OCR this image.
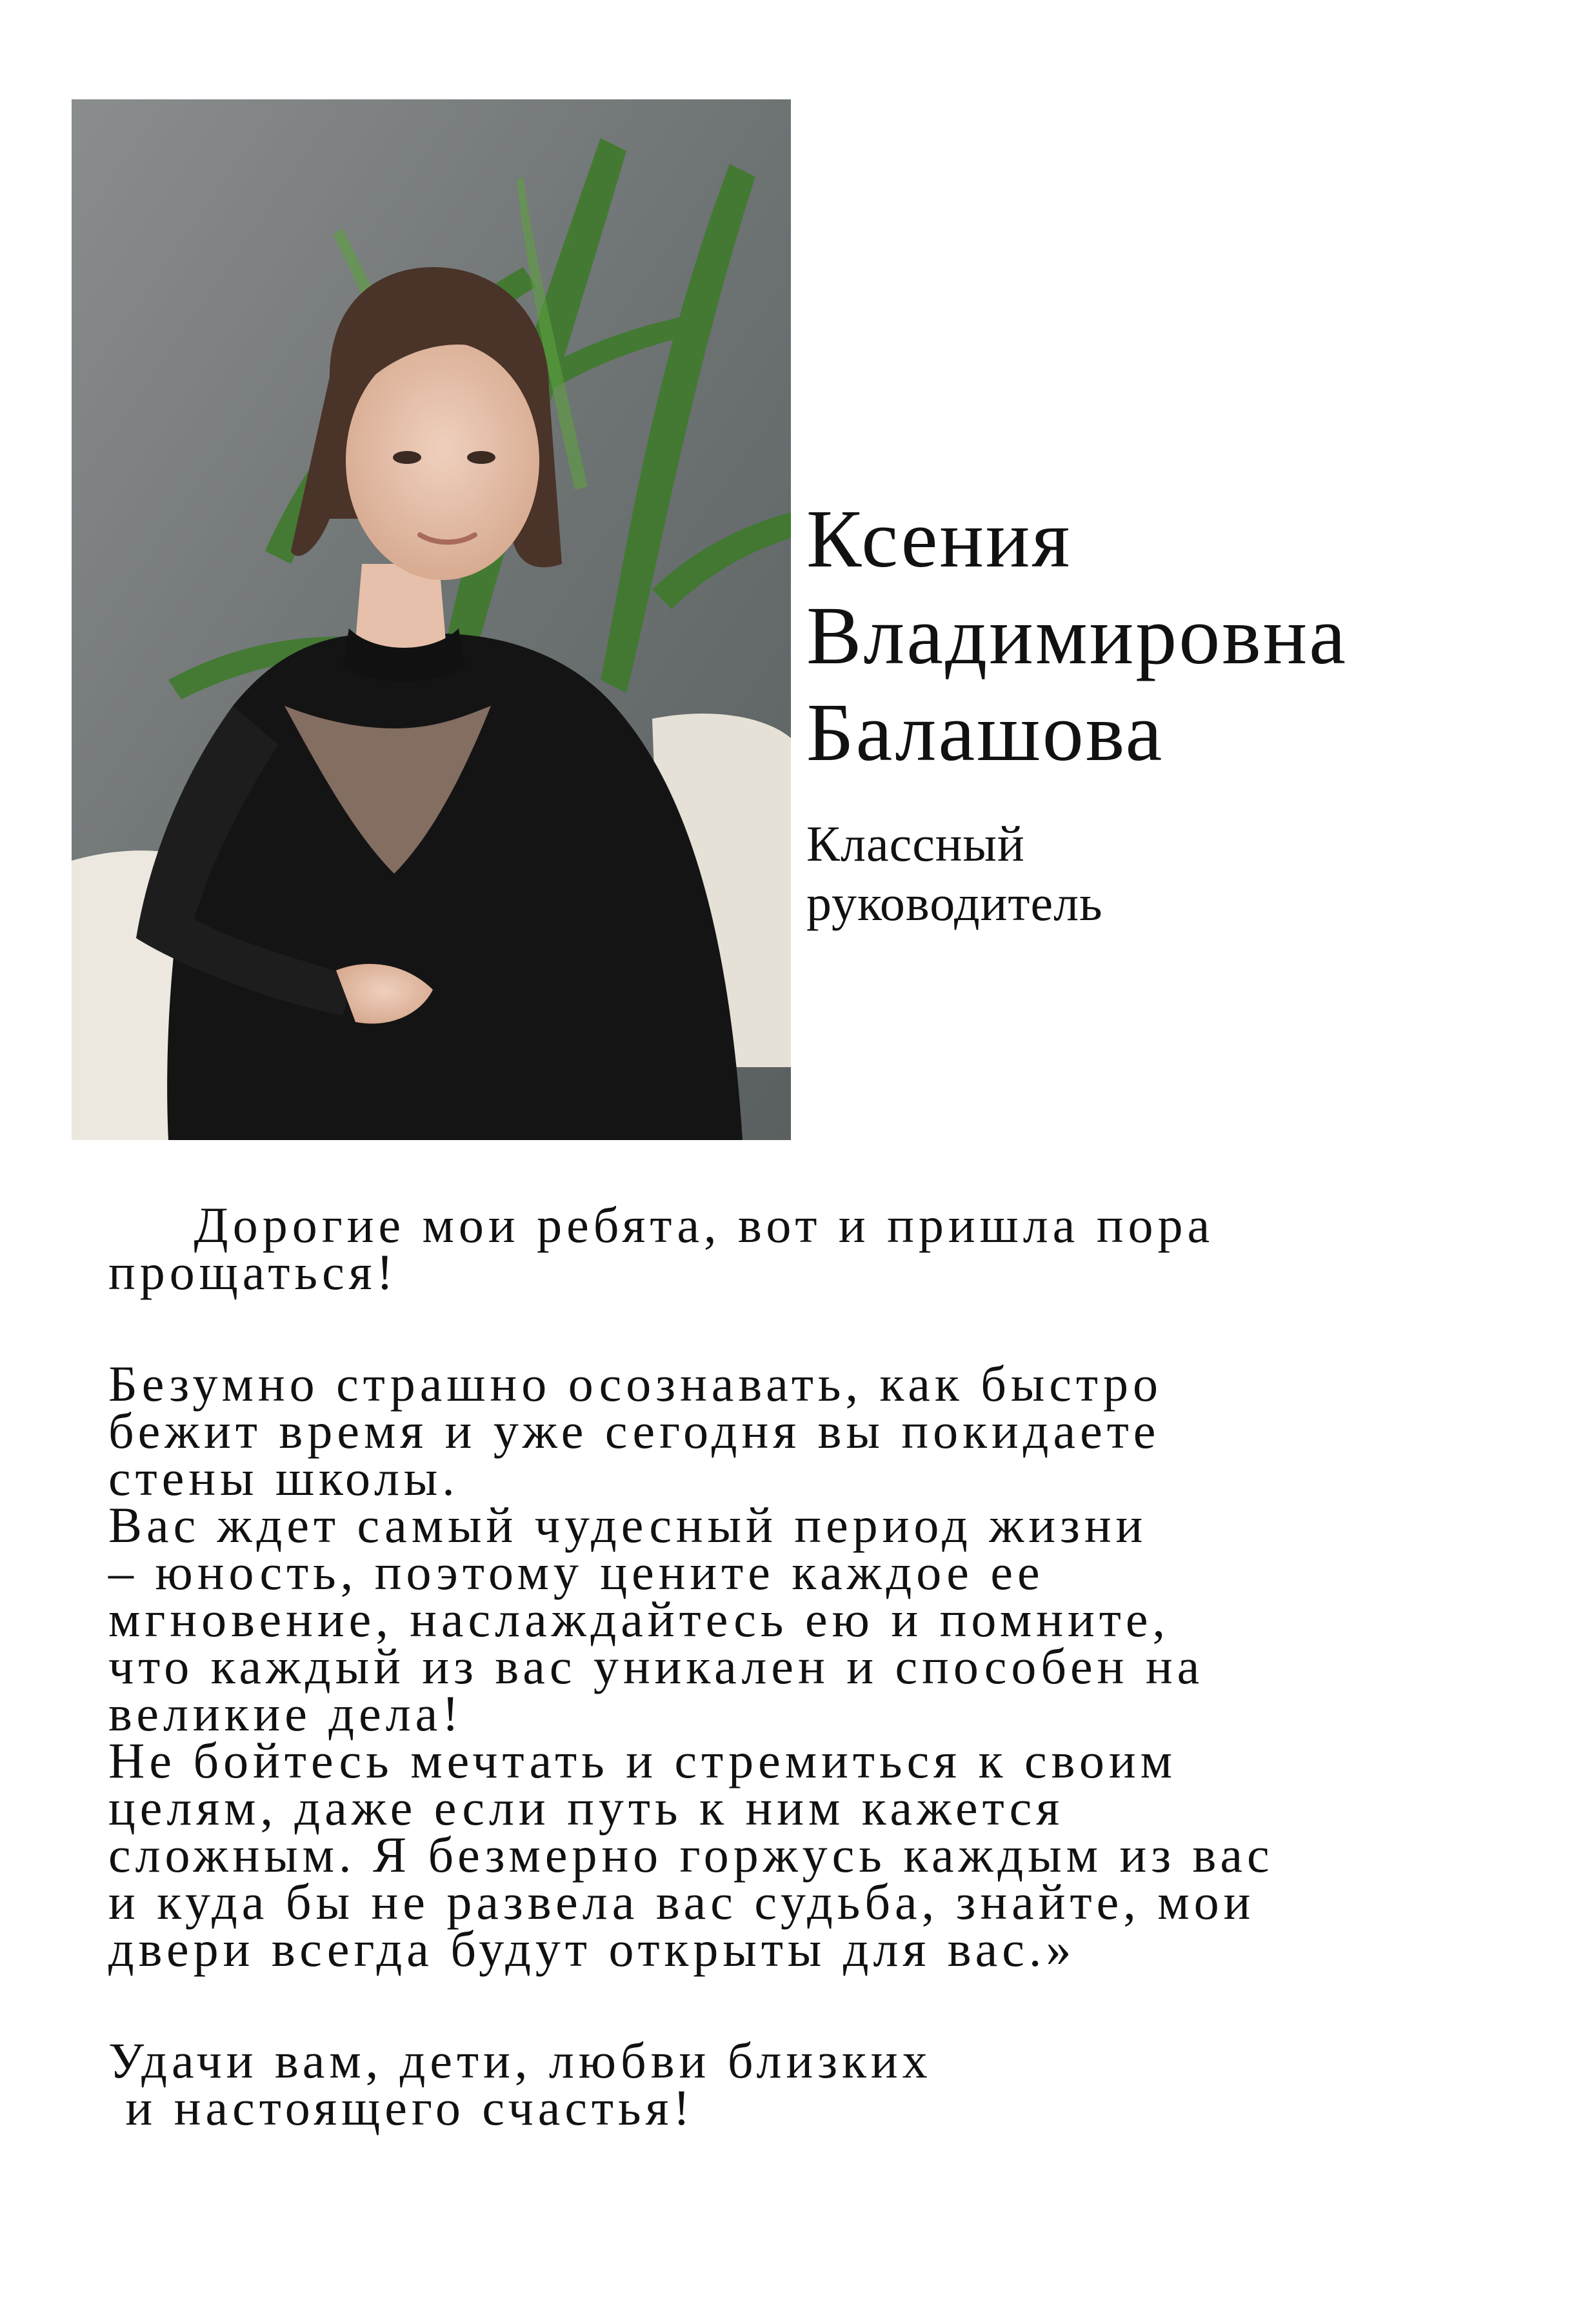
Ксения
Владимировна
Балашова
Классный
руководитель
Дорогие мои ребята, вот и пришла пора
прощаться!
Безумно страшно осознавать, как быстро
бежит время и уже сегодня вы покидаете
стены школы.
Вас ждет самый чудесный период жизни
– юность, поэтому цените каждое ее
мгновение, наслаждайтесь ею и помните,
что каждый из вас уникален и способен на
великие дела!
Не бойтесь мечтать и стремиться к своим
целям, даже если путь к ним кажется
сложным. Я безмерно горжусь каждым из вас
и куда бы не развела вас судьба, знайте, мои
двери всегда будут открыты для вас.»
Удачи вам, дети, любви близких
и настоящего счастья!
